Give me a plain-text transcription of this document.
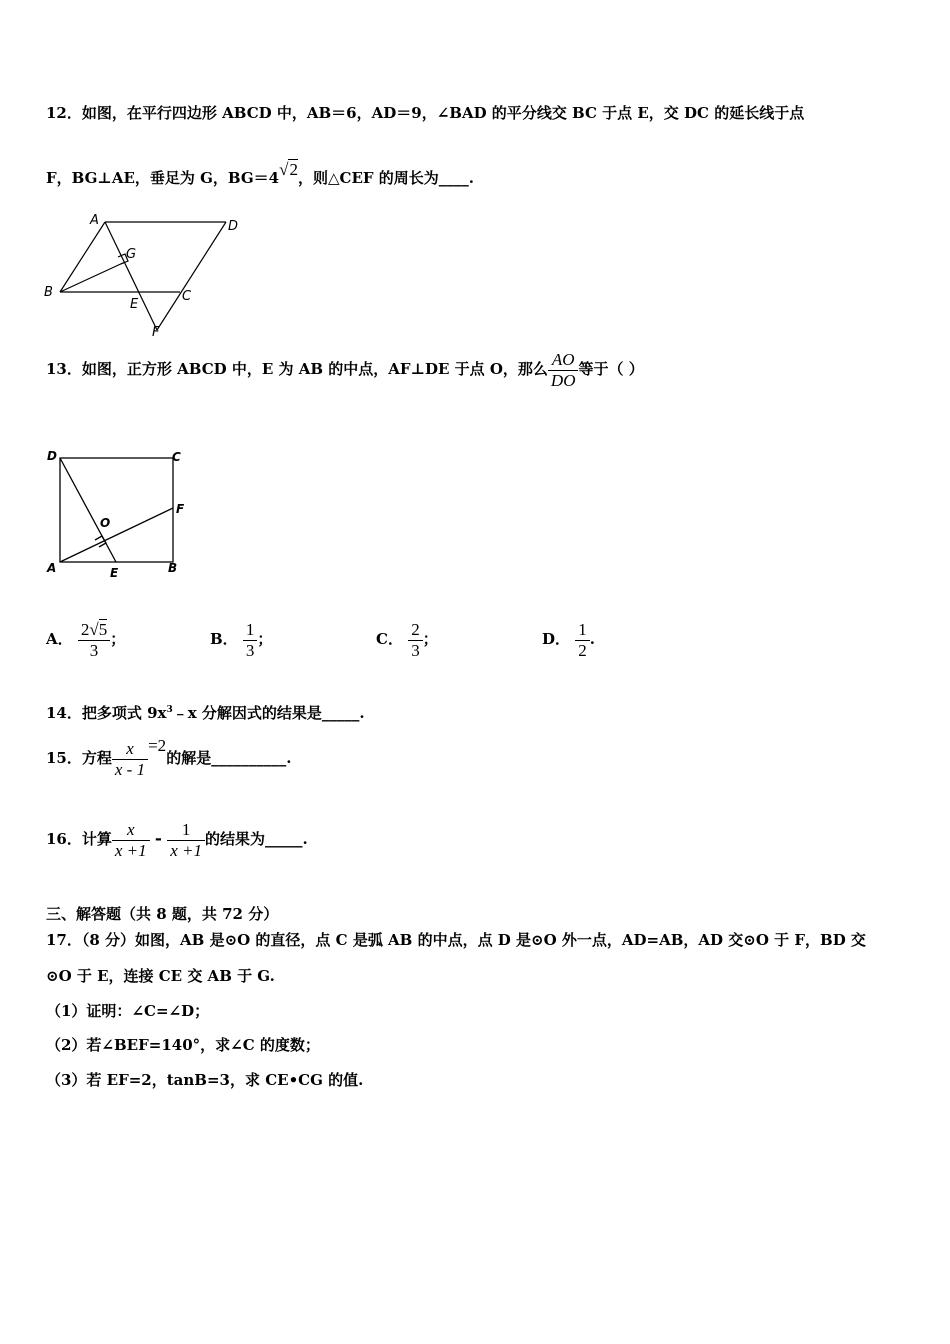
12．如图，在平行四边形 ABCD 中，AB＝6，AD＝9，∠BAD 的平分线交 BC 于点 E，交 DC 的延长线于点
F，BG⊥AE，垂足为 G，BG＝4√2，则△CEF 的周长为____.
A	D
G
B
E
C
F
13．如图，正方形 ABCD 中，E 为 AB 的中点，AF⊥DE 于点 O，那么 $\frac{AO}{DO}$ 等于（ ）
D	C
F
O
A	E	B
A． $\frac{2√5}{3}$ ；	B． $\frac{1}{3}$ ；	C． $\frac{2}{3}$ ；	D． $\frac{1}{2}$ .
14．把多项式 $9x^3﹣x$ 分解因式的结果是_____.
15．方程 $\frac{x}{x - 1} =2$的解是__________.
16．计算 $\frac{x}{x +1} - \frac{1}{x +1}$ 的结果为_____.
三、解答题（共 8 题，共 72 分）
17．（8 分）如图，AB 是⊙O 的直径，点 C 是弧 AB 的中点，点 D 是⊙O 外一点，AD=AB，AD 交⊙O 于 F，BD 交
⊙O 于 E，连接 CE 交 AB 于 G.
（1）证明：∠C=∠D；
（2）若∠BEF=140°，求∠C 的度数；
（3）若 EF=2，tanB=3，求 CE•CG 的值.
